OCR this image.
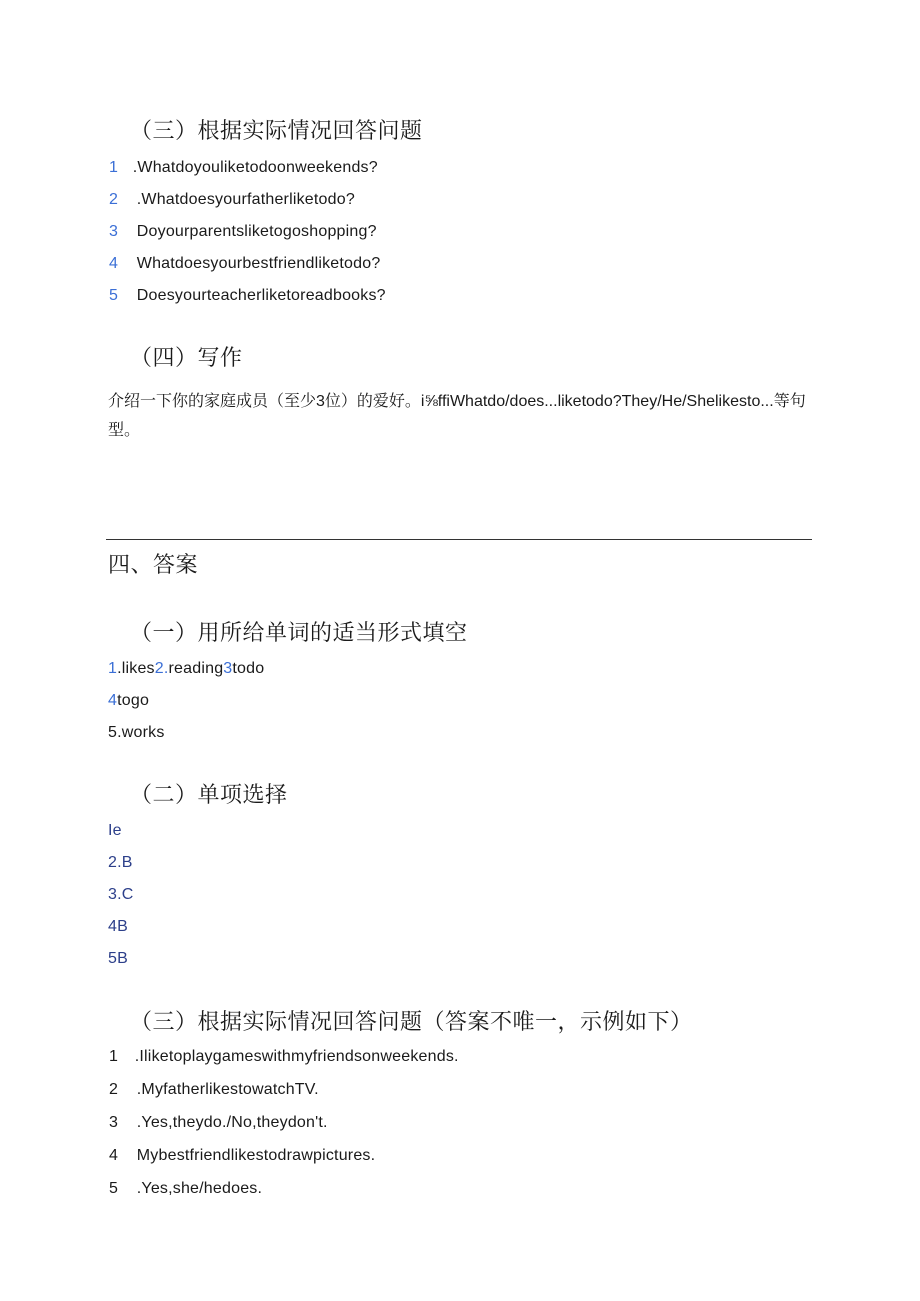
（三）根据实际情况回答问题
1 .Whatdoyouliketodoonweekends?
2 .Whatdoesyourfatherliketodo?
3 Doyourparentsliketogoshopping?
4 Whatdoesyourbestfriendliketodo?
5 Doesyourteacherliketoreadbooks?
（四）写作
介绍一下你的家庭成员（至少3位）的爱好。i⅝ffiWhatdo/does...liketodo?They/He/Shelikesto...等句型。
四、答案
（一）用所给单词的适当形式填空
1.likes2.reading3todo
4togo
5.works
（二）单项选择
Ie
2.B
3.C
4B
5B
（三）根据实际情况回答问题（答案不唯一，示例如下）
1 .Iliketoplaygameswithmyfriendsonweekends.
2 .MyfatherlikestowatchTV.
3 .Yes,theydo./No,theydon't.
4 Mybestfriendlikestodrawpictures.
5 .Yes,she/hedoes.
